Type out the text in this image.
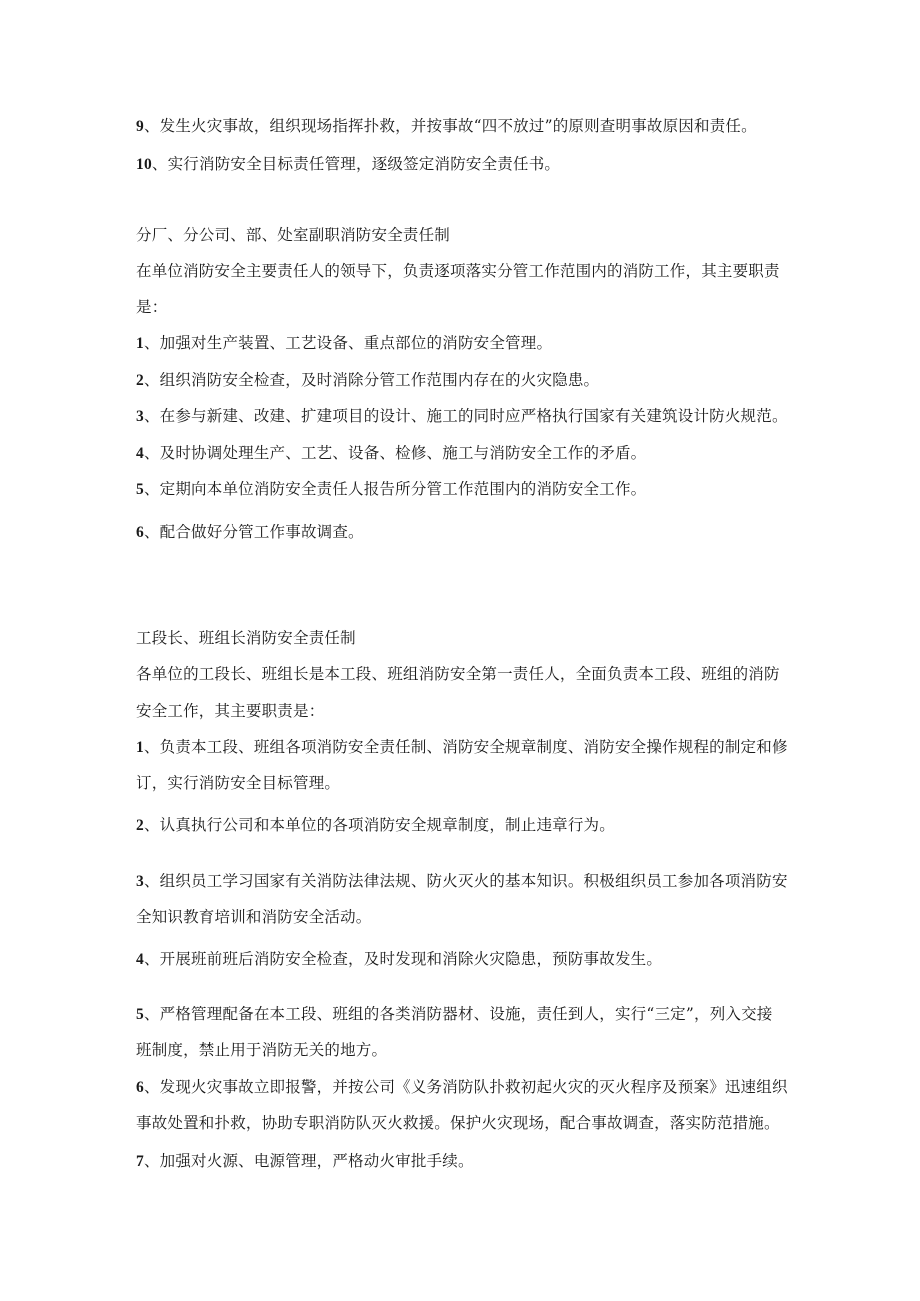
9、发生火灾事故，组织现场指挥扑救，并按事故“四不放过”的原则查明事故原因和责任。
10、实行消防安全目标责任管理，逐级签定消防安全责任书。
分厂、分公司、部、处室副职消防安全责任制
在单位消防安全主要责任人的领导下，负责逐项落实分管工作范围内的消防工作，其主要职责
是：
1、加强对生产装置、工艺设备、重点部位的消防安全管理。
2、组织消防安全检查，及时消除分管工作范围内存在的火灾隐患。
3、在参与新建、改建、扩建项目的设计、施工的同时应严格执行国家有关建筑设计防火规范。
4、及时协调处理生产、工艺、设备、检修、施工与消防安全工作的矛盾。
5、定期向本单位消防安全责任人报告所分管工作范围内的消防安全工作。
6、配合做好分管工作事故调查。
工段长、班组长消防安全责任制
各单位的工段长、班组长是本工段、班组消防安全第一责任人，全面负责本工段、班组的消防
安全工作，其主要职责是：
1、负责本工段、班组各项消防安全责任制、消防安全规章制度、消防安全操作规程的制定和修
订，实行消防安全目标管理。
2、认真执行公司和本单位的各项消防安全规章制度，制止违章行为。
3、组织员工学习国家有关消防法律法规、防火灭火的基本知识。积极组织员工参加各项消防安
全知识教育培训和消防安全活动。
4、开展班前班后消防安全检查，及时发现和消除火灾隐患，预防事故发生。
5、严格管理配备在本工段、班组的各类消防器材、设施，责任到人，实行“三定”，列入交接
班制度，禁止用于消防无关的地方。
6、发现火灾事故立即报警，并按公司《义务消防队扑救初起火灾的灭火程序及预案》迅速组织
事故处置和扑救，协助专职消防队灭火救援。保护火灾现场，配合事故调查，落实防范措施。
7、加强对火源、电源管理，严格动火审批手续。
